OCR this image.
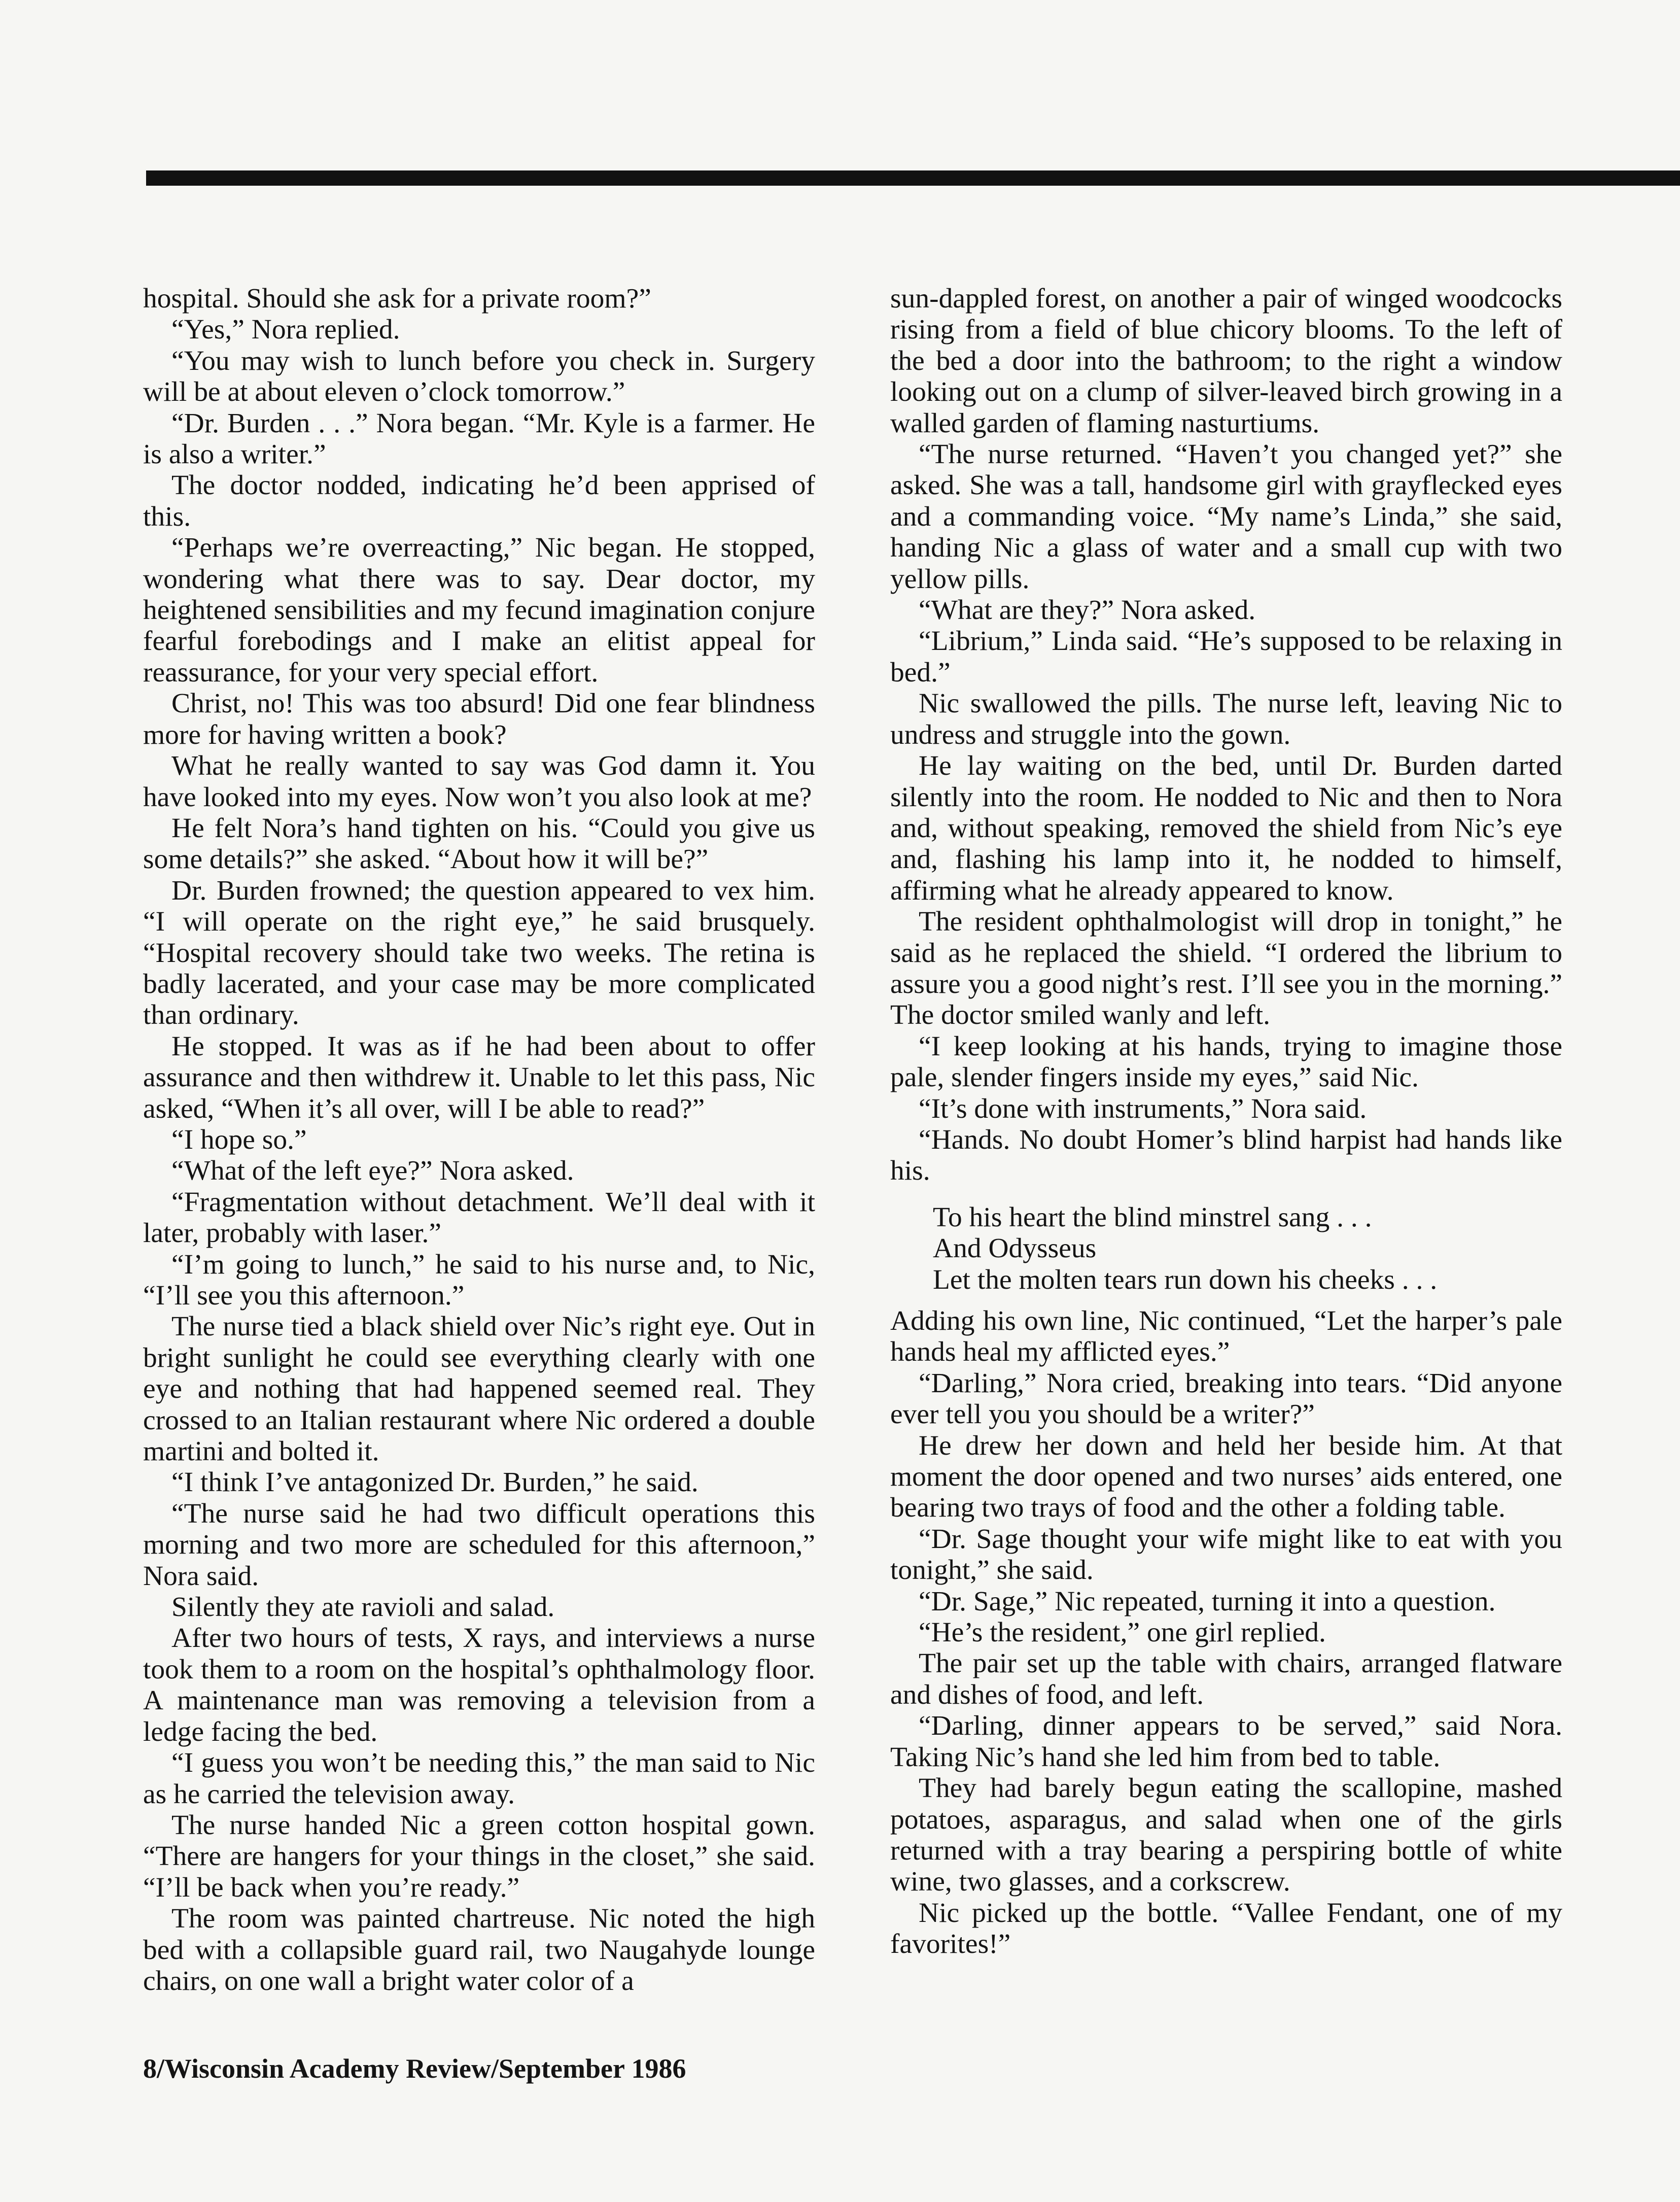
hospital. Should she ask for a private room?”

“Yes,” Nora replied.

“You may wish to lunch before you check in. Surgery will be at about eleven o’clock tomorrow.”

“Dr. Burden . . .” Nora began. “Mr. Kyle is a farmer. He is also a writer.”

The doctor nodded, indicating he’d been apprised of this.

“Perhaps we’re overreacting,” Nic began. He stopped, wondering what there was to say. Dear doctor, my heightened sensibilities and my fecund imagination conjure fearful forebodings and I make an elitist appeal for reassurance, for your very special effort.

Christ, no! This was too absurd! Did one fear blindness more for having written a book?

What he really wanted to say was God damn it. You have looked into my eyes. Now won’t you also look at me?

He felt Nora’s hand tighten on his. “Could you give us some details?” she asked. “About how it will be?”

Dr. Burden frowned; the question appeared to vex him. “I will operate on the right eye,” he said brusquely. “Hospital recovery should take two weeks. The retina is badly lacerated, and your case may be more complicated than ordinary.

He stopped. It was as if he had been about to offer assurance and then withdrew it. Unable to let this pass, Nic asked, “When it’s all over, will I be able to read?”

“I hope so.”

“What of the left eye?” Nora asked.

“Fragmentation without detachment. We’ll deal with it later, probably with laser.”

“I’m going to lunch,” he said to his nurse and, to Nic, “I’ll see you this afternoon.”

The nurse tied a black shield over Nic’s right eye. Out in bright sunlight he could see everything clearly with one eye and nothing that had happened seemed real. They crossed to an Italian restaurant where Nic ordered a double martini and bolted it.

“I think I’ve antagonized Dr. Burden,” he said.

“The nurse said he had two difficult operations this morning and two more are scheduled for this afternoon,” Nora said.

Silently they ate ravioli and salad.

After two hours of tests, X rays, and interviews a nurse took them to a room on the hospital’s ophthalmology floor. A maintenance man was removing a television from a ledge facing the bed.

“I guess you won’t be needing this,” the man said to Nic as he carried the television away.

The nurse handed Nic a green cotton hospital gown. “There are hangers for your things in the closet,” she said. “I’ll be back when you’re ready.”

The room was painted chartreuse. Nic noted the high bed with a collapsible guard rail, two Naugahyde lounge chairs, on one wall a bright water color of a

sun-dappled forest, on another a pair of winged woodcocks rising from a field of blue chicory blooms. To the left of the bed a door into the bathroom; to the right a window looking out on a clump of silver-leaved birch growing in a walled garden of flaming nasturtiums.

“The nurse returned. “Haven’t you changed yet?” she asked. She was a tall, handsome girl with grayflecked eyes and a commanding voice. “My name’s Linda,” she said, handing Nic a glass of water and a small cup with two yellow pills.

“What are they?” Nora asked.

“Librium,” Linda said. “He’s supposed to be relaxing in bed.”

Nic swallowed the pills. The nurse left, leaving Nic to undress and struggle into the gown.

He lay waiting on the bed, until Dr. Burden darted silently into the room. He nodded to Nic and then to Nora and, without speaking, removed the shield from Nic’s eye and, flashing his lamp into it, he nodded to himself, affirming what he already appeared to know.

The resident ophthalmologist will drop in tonight,” he said as he replaced the shield. “I ordered the librium to assure you a good night’s rest. I’ll see you in the morning.” The doctor smiled wanly and left.

“I keep looking at his hands, trying to imagine those pale, slender fingers inside my eyes,” said Nic.

“It’s done with instruments,” Nora said.

“Hands. No doubt Homer’s blind harpist had hands like his.

To his heart the blind minstrel sang . . .
And Odysseus
Let the molten tears run down his cheeks . . .

Adding his own line, Nic continued, “Let the harper’s pale hands heal my afflicted eyes.”

“Darling,” Nora cried, breaking into tears. “Did anyone ever tell you you should be a writer?”

He drew her down and held her beside him. At that moment the door opened and two nurses’ aids entered, one bearing two trays of food and the other a folding table.

“Dr. Sage thought your wife might like to eat with you tonight,” she said.

“Dr. Sage,” Nic repeated, turning it into a question.

“He’s the resident,” one girl replied.

The pair set up the table with chairs, arranged flatware and dishes of food, and left.

“Darling, dinner appears to be served,” said Nora. Taking Nic’s hand she led him from bed to table.

They had barely begun eating the scallopine, mashed potatoes, asparagus, and salad when one of the girls returned with a tray bearing a perspiring bottle of white wine, two glasses, and a corkscrew.

Nic picked up the bottle. “Vallee Fendant, one of my favorites!”

8/Wisconsin Academy Review/September 1986
